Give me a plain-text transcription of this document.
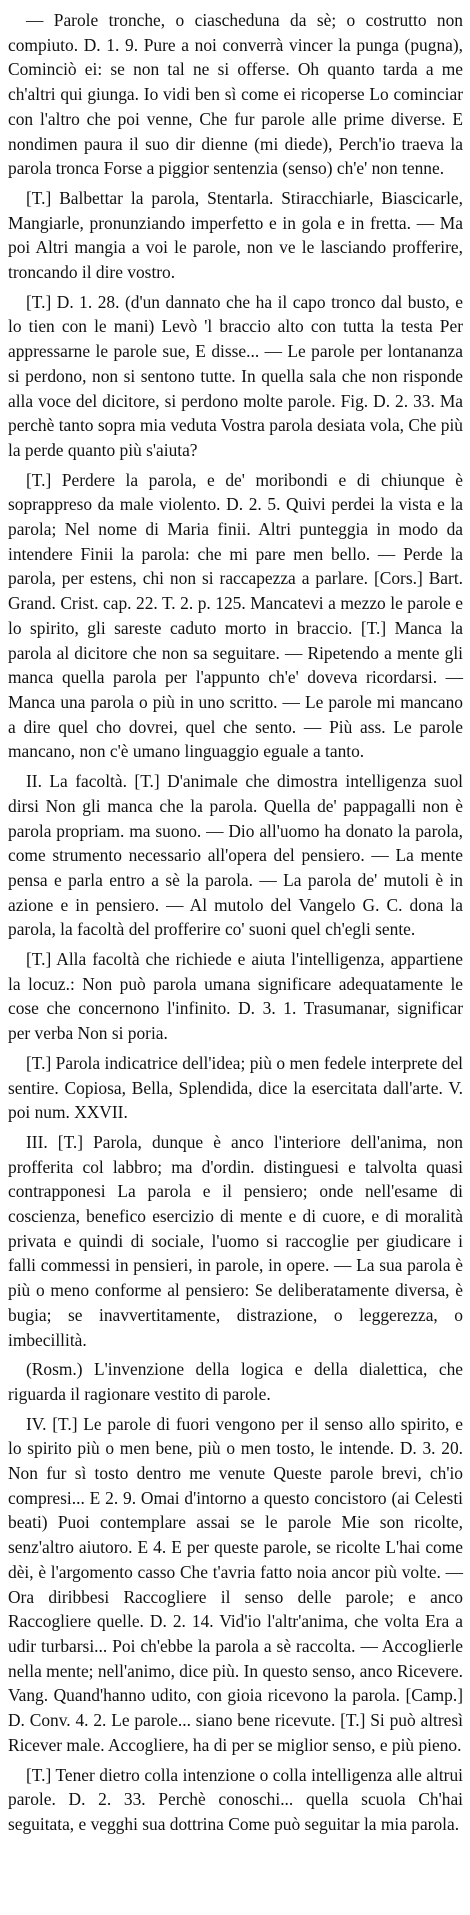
— Parole tronche, o ciascheduna da sè; o costrutto non compiuto. D. 1. 9. Pure a noi converrà vincer la punga (pugna), Cominciò ei: se non tal ne si offerse. Oh quanto tarda a me ch'altri qui giunga. Io vidi ben sì come ei ricoperse Lo cominciar con l'altro che poi venne, Che fur parole alle prime diverse. E nondimen paura il suo dir dienne (mi diede), Perch'io traeva la parola tronca Forse a piggior sentenzia (senso) ch'e' non tenne.

[T.] Balbettar la parola, Stentarla. Stiracchiarle, Biascicarle, Mangiarle, pronunziando imperfetto e in gola e in fretta. — Ma poi Altri mangia a voi le parole, non ve le lasciando profferire, troncando il dire vostro.

[T.] D. 1. 28. (d'un dannato che ha il capo tronco dal busto, e lo tien con le mani) Levò 'l braccio alto con tutta la testa Per appressarne le parole sue, E disse... — Le parole per lontananza si perdono, non si sentono tutte. In quella sala che non risponde alla voce del dicitore, si perdono molte parole. Fig. D. 2. 33. Ma perchè tanto sopra mia veduta Vostra parola desiata vola, Che più la perde quanto più s'aiuta?

[T.] Perdere la parola, e de' moribondi e di chiunque è soprappreso da male violento. D. 2. 5. Quivi perdei la vista e la parola; Nel nome di Maria finii. Altri punteggia in modo da intendere Finii la parola: che mi pare men bello. — Perde la parola, per estens, chi non si raccapezza a parlare. [Cors.] Bart. Grand. Crist. cap. 22. T. 2. p. 125. Mancatevi a mezzo le parole e lo spirito, gli sareste caduto morto in braccio. [T.] Manca la parola al dicitore che non sa seguitare. — Ripetendo a mente gli manca quella parola per l'appunto ch'e' doveva ricordarsi. — Manca una parola o più in uno scritto. — Le parole mi mancano a dire quel cho dovrei, quel che sento. — Più ass. Le parole mancano, non c'è umano linguaggio eguale a tanto.

II. La facoltà. [T.] D'animale che dimostra intelligenza suol dirsi Non gli manca che la parola. Quella de' pappagalli non è parola propriam. ma suono. — Dio all'uomo ha donato la parola, come strumento necessario all'opera del pensiero. — La mente pensa e parla entro a sè la parola. — La parola de' mutoli è in azione e in pensiero. — Al mutolo del Vangelo G. C. dona la parola, la facoltà del profferire co' suoni quel ch'egli sente.

[T.] Alla facoltà che richiede e aiuta l'intelligenza, appartiene la locuz.: Non può parola umana significare adequatamente le cose che concernono l'infinito. D. 3. 1. Trasumanar, significar per verba Non si poria.

[T.] Parola indicatrice dell'idea; più o men fedele interprete del sentire. Copiosa, Bella, Splendida, dice la esercitata dall'arte. V. poi num. XXVII.

III. [T.] Parola, dunque è anco l'interiore dell'anima, non profferita col labbro; ma d'ordin. distinguesi e talvolta quasi contrapponesi La parola e il pensiero; onde nell'esame di coscienza, benefico esercizio di mente e di cuore, e di moralità privata e quindi di sociale, l'uomo si raccoglie per giudicare i falli commessi in pensieri, in parole, in opere. — La sua parola è più o meno conforme al pensiero: Se deliberatamente diversa, è bugia; se inavvertitamente, distrazione, o leggerezza, o imbecillità.

(Rosm.) L'invenzione della logica e della dialettica, che riguarda il ragionare vestito di parole.

IV. [T.] Le parole di fuori vengono per il senso allo spirito, e lo spirito più o men bene, più o men tosto, le intende. D. 3. 20. Non fur sì tosto dentro me venute Queste parole brevi, ch'io compresi... E 2. 9. Omai d'intorno a questo concistoro (ai Celesti beati) Puoi contemplare assai se le parole Mie son ricolte, senz'altro aiutoro. E 4. E per queste parole, se ricolte L'hai come dèi, è l'argomento casso Che t'avria fatto noia ancor più volte. — Ora diribbesi Raccogliere il senso delle parole; e anco Raccogliere quelle. D. 2. 14. Vid'io l'altr'anima, che volta Era a udir turbarsi... Poi ch'ebbe la parola a sè raccolta. — Accoglierle nella mente; nell'animo, dice più. In questo senso, anco Ricevere. Vang. Quand'hanno udito, con gioia ricevono la parola. [Camp.] D. Conv. 4. 2. Le parole... siano bene ricevute. [T.] Si può altresì Ricever male. Accogliere, ha di per se miglior senso, e più pieno.

[T.] Tener dietro colla intenzione o colla intelligenza alle altrui parole. D. 2. 33. Perchè conoschi... quella scuola Ch'hai seguitata, e vegghi sua dottrina Come può seguitar la mia parola.
